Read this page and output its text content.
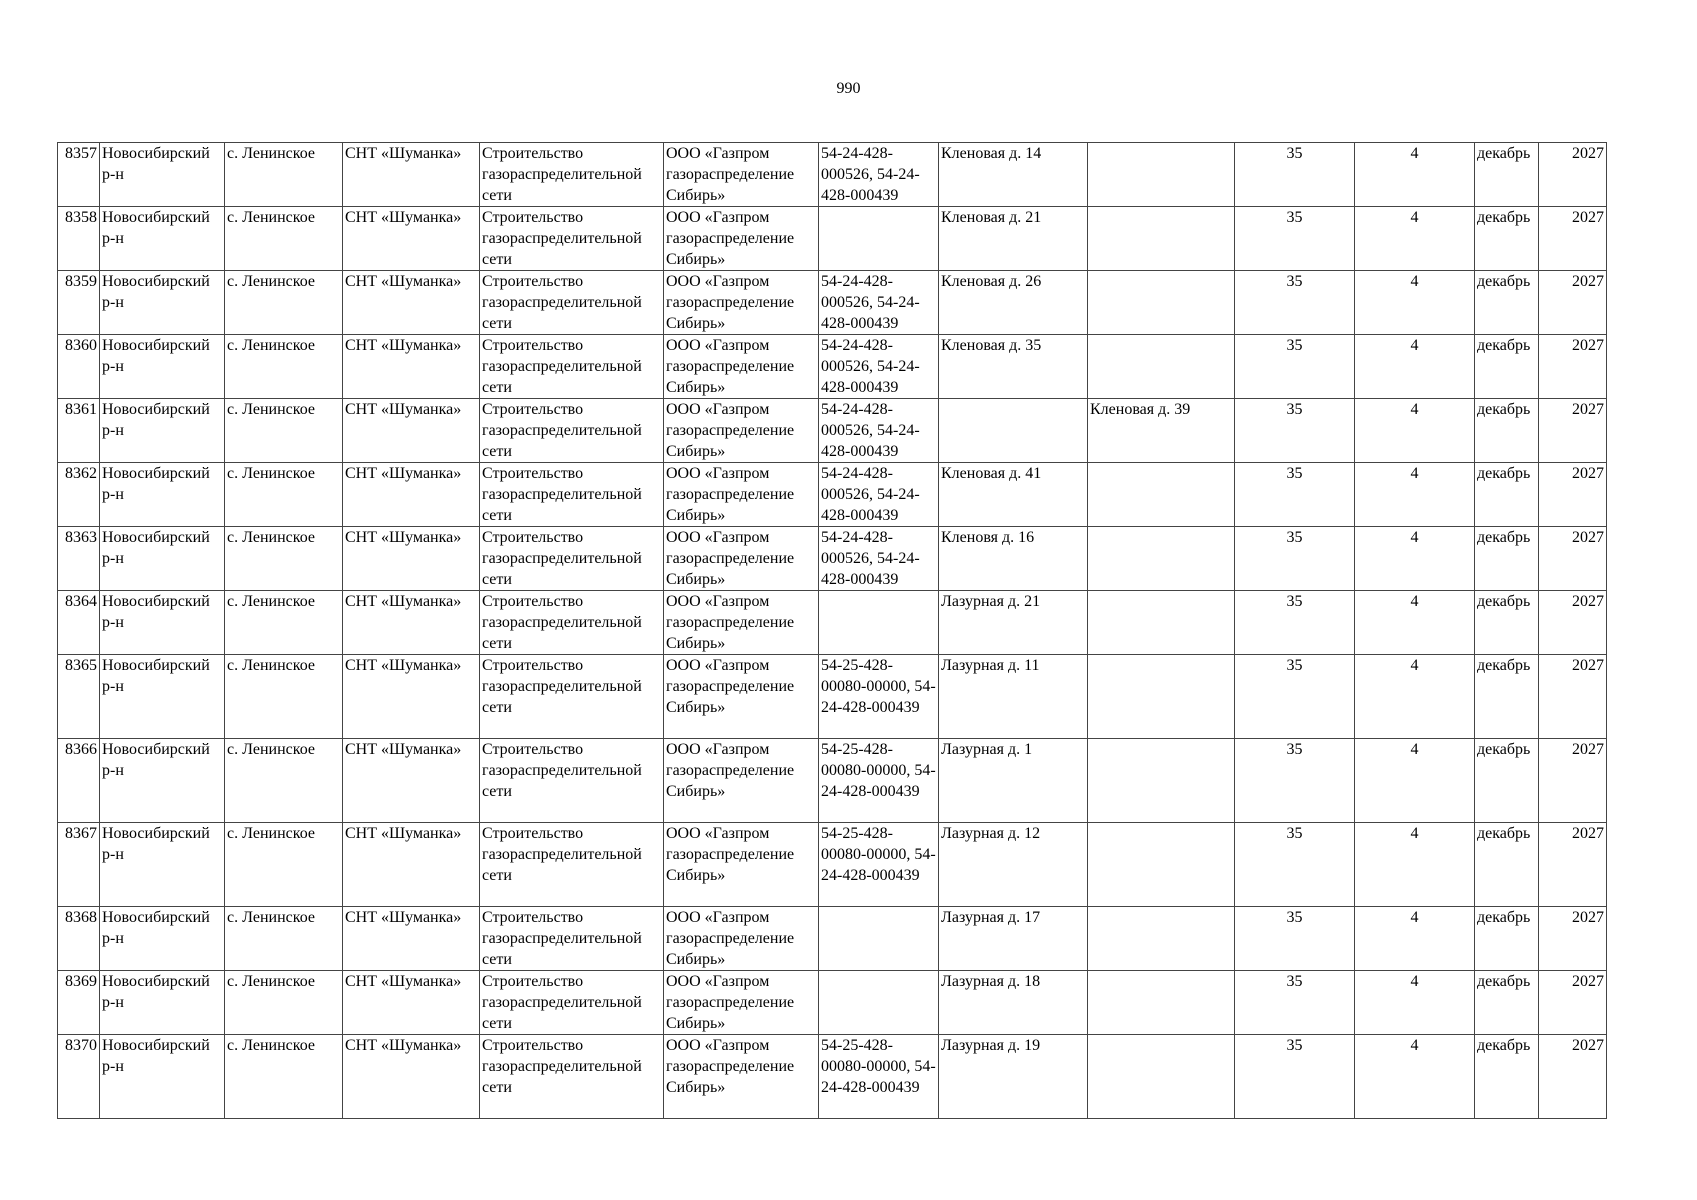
990
8357	Новосибирский р-н	с. Ленинское	СНТ «Шуманка»	Строительство газораспределительной сети	ООО «Газпром газораспределение Сибирь»	54-24-428-000526, 54-24-428-000439	Кленовая д. 14		35	4	декабрь	2027
8358	Новосибирский р-н	с. Ленинское	СНТ «Шуманка»	Строительство газораспределительной сети	ООО «Газпром газораспределение Сибирь»		Кленовая д. 21		35	4	декабрь	2027
8359	Новосибирский р-н	с. Ленинское	СНТ «Шуманка»	Строительство газораспределительной сети	ООО «Газпром газораспределение Сибирь»	54-24-428-000526, 54-24-428-000439	Кленовая д. 26		35	4	декабрь	2027
8360	Новосибирский р-н	с. Ленинское	СНТ «Шуманка»	Строительство газораспределительной сети	ООО «Газпром газораспределение Сибирь»	54-24-428-000526, 54-24-428-000439	Кленовая д. 35		35	4	декабрь	2027
8361	Новосибирский р-н	с. Ленинское	СНТ «Шуманка»	Строительство газораспределительной сети	ООО «Газпром газораспределение Сибирь»	54-24-428-000526, 54-24-428-000439		Кленовая д. 39	35	4	декабрь	2027
8362	Новосибирский р-н	с. Ленинское	СНТ «Шуманка»	Строительство газораспределительной сети	ООО «Газпром газораспределение Сибирь»	54-24-428-000526, 54-24-428-000439	Кленовая д. 41		35	4	декабрь	2027
8363	Новосибирский р-н	с. Ленинское	СНТ «Шуманка»	Строительство газораспределительной сети	ООО «Газпром газораспределение Сибирь»	54-24-428-000526, 54-24-428-000439	Кленовя д. 16		35	4	декабрь	2027
8364	Новосибирский р-н	с. Ленинское	СНТ «Шуманка»	Строительство газораспределительной сети	ООО «Газпром газораспределение Сибирь»		Лазурная д. 21		35	4	декабрь	2027
8365	Новосибирский р-н	с. Ленинское	СНТ «Шуманка»	Строительство газораспределительной сети	ООО «Газпром газораспределение Сибирь»	54-25-428-00080-00000, 54-24-428-000439	Лазурная д. 11		35	4	декабрь	2027
8366	Новосибирский р-н	с. Ленинское	СНТ «Шуманка»	Строительство газораспределительной сети	ООО «Газпром газораспределение Сибирь»	54-25-428-00080-00000, 54-24-428-000439	Лазурная д. 1		35	4	декабрь	2027
8367	Новосибирский р-н	с. Ленинское	СНТ «Шуманка»	Строительство газораспределительной сети	ООО «Газпром газораспределение Сибирь»	54-25-428-00080-00000, 54-24-428-000439	Лазурная д. 12		35	4	декабрь	2027
8368	Новосибирский р-н	с. Ленинское	СНТ «Шуманка»	Строительство газораспределительной сети	ООО «Газпром газораспределение Сибирь»		Лазурная д. 17		35	4	декабрь	2027
8369	Новосибирский р-н	с. Ленинское	СНТ «Шуманка»	Строительство газораспределительной сети	ООО «Газпром газораспределение Сибирь»		Лазурная д. 18		35	4	декабрь	2027
8370	Новосибирский р-н	с. Ленинское	СНТ «Шуманка»	Строительство газораспределительной сети	ООО «Газпром газораспределение Сибирь»	54-25-428-00080-00000, 54-24-428-000439	Лазурная д. 19		35	4	декабрь	2027
